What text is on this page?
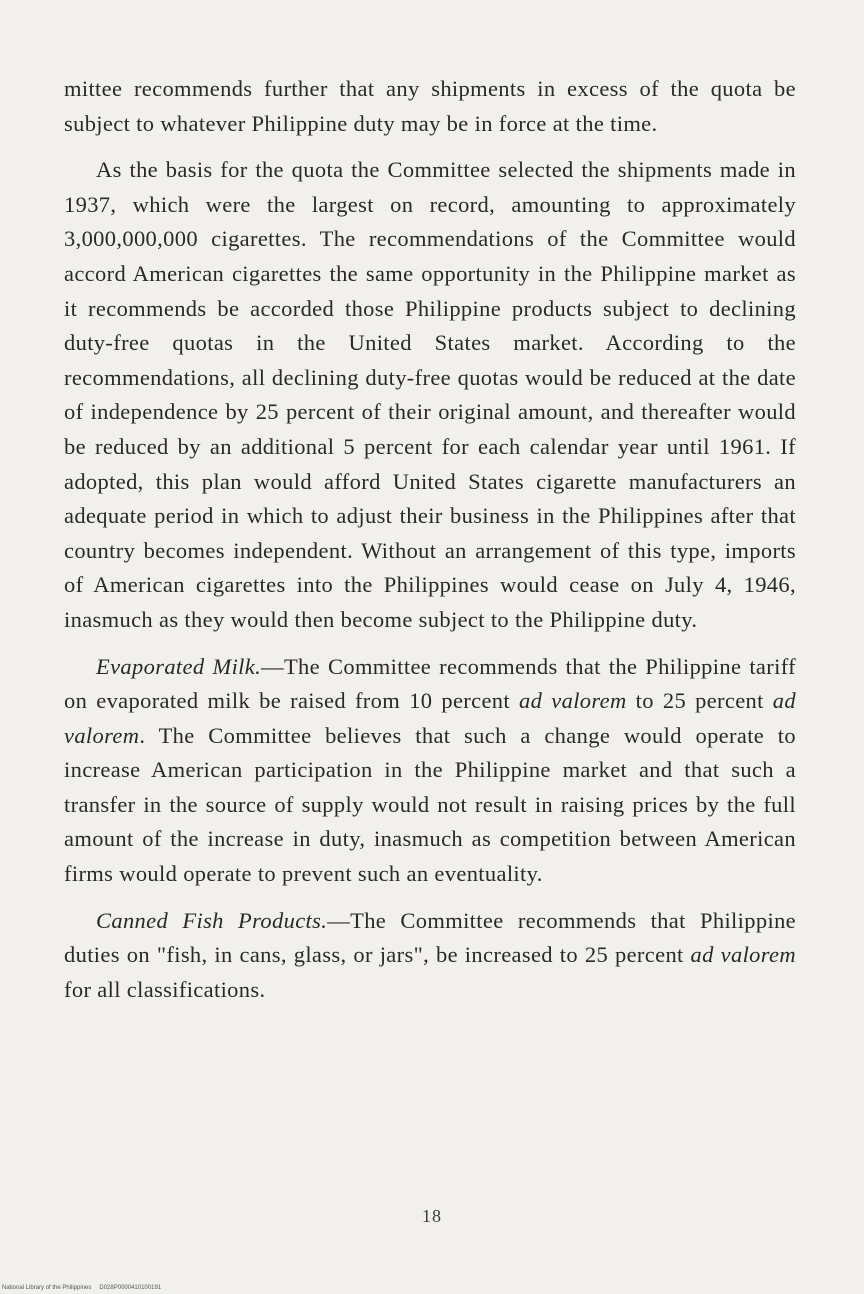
mittee recommends further that any shipments in excess of the quota be subject to whatever Philippine duty may be in force at the time.

As the basis for the quota the Committee selected the shipments made in 1937, which were the largest on record, amounting to approximately 3,000,000,000 cigarettes. The recommendations of the Committee would accord American cigarettes the same opportunity in the Philippine market as it recommends be accorded those Philippine products subject to declining duty-free quotas in the United States market. According to the recommendations, all declining duty-free quotas would be reduced at the date of independence by 25 percent of their original amount, and thereafter would be reduced by an additional 5 percent for each calendar year until 1961. If adopted, this plan would afford United States cigarette manufacturers an adequate period in which to adjust their business in the Philippines after that country becomes independent. Without an arrangement of this type, imports of American cigarettes into the Philippines would cease on July 4, 1946, inasmuch as they would then become subject to the Philippine duty.

Evaporated Milk.—The Committee recommends that the Philippine tariff on evaporated milk be raised from 10 percent ad valorem to 25 percent ad valorem. The Committee believes that such a change would operate to increase American participation in the Philippine market and that such a transfer in the source of supply would not result in raising prices by the full amount of the increase in duty, inasmuch as competition between American firms would operate to prevent such an eventuality.

Canned Fish Products.—The Committee recommends that Philippine duties on "fish, in cans, glass, or jars", be increased to 25 percent ad valorem for all classifications.

18
National Library of the Philippines D028P0000410100191
